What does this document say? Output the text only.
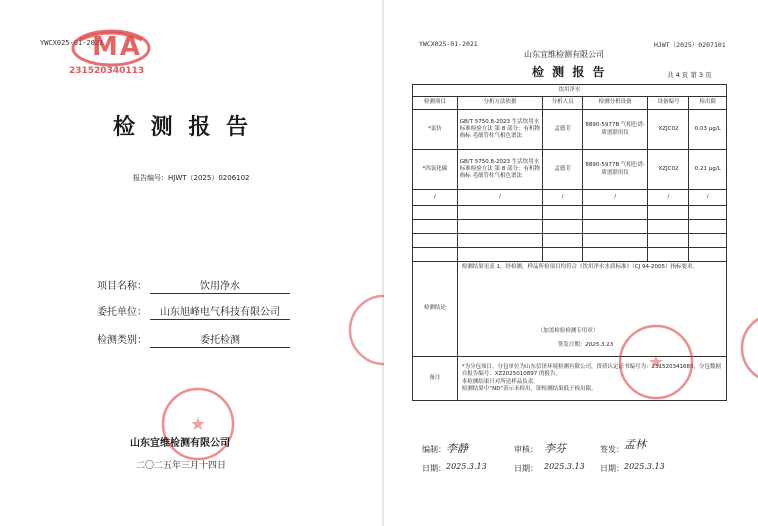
YWCX025-01-2021
MA
231520340113
检 测 报 告
报告编号：HJWT（2025）0206102
项目名称：	饮用净水
委托单位：	山东旭峰电气科技有限公司
检测类别：	委托检测
★
山东宜维检测有限公司
二〇二五年三月十四日
YWCX025-01-2021
山东宜维检测有限公司
HJWT（2025）0207101
检 测 报 告	共 4 页 第 3 页
饮用净水					
检测项目	分析方法依据	分析人员	检测分析设备	设备编号	检出限
*氯仿	GB/T 5750.8-2023 生活饮用水标准检验方法 第 8 部分：有机物指标 毛细管柱气相色谱法	孟德芳	8890-5977B 气相色谱-质谱联用仪	XZJC02	0.03 μg/L
*四氯化碳	GB/T 5750.8-2023 生活饮用水标准检验方法 第 8 部分：有机物指标 毛细管柱气相色谱法	孟德芳	8890-5977B 气相色谱-质谱联用仪	XZJC02	0.21 μg/L
/	/	/	/	/	/

检测结论	检测结果见表 1，经检测，样品所检项目均符合《饮用净水水质标准》（CJ 94-2005）指标要求。
（加盖检验检测专用章）
签发日期：2025.3.13				

备注	*为分包项目，分包单位为山东信泽环境检测有限公司，资质认定证书编号为：231520341685，分包数据自报告编号：XZ2025010897 的报告。
本检测结果只对所送样品负责。
检测结果中“ND”表示未检出，即检测结果低于检出限。				
★
编制： 李静	审核： 李芬	签发： 孟林
日期： 2025.3.13	日期： 2025.3.13 日期： 2025.3.13
